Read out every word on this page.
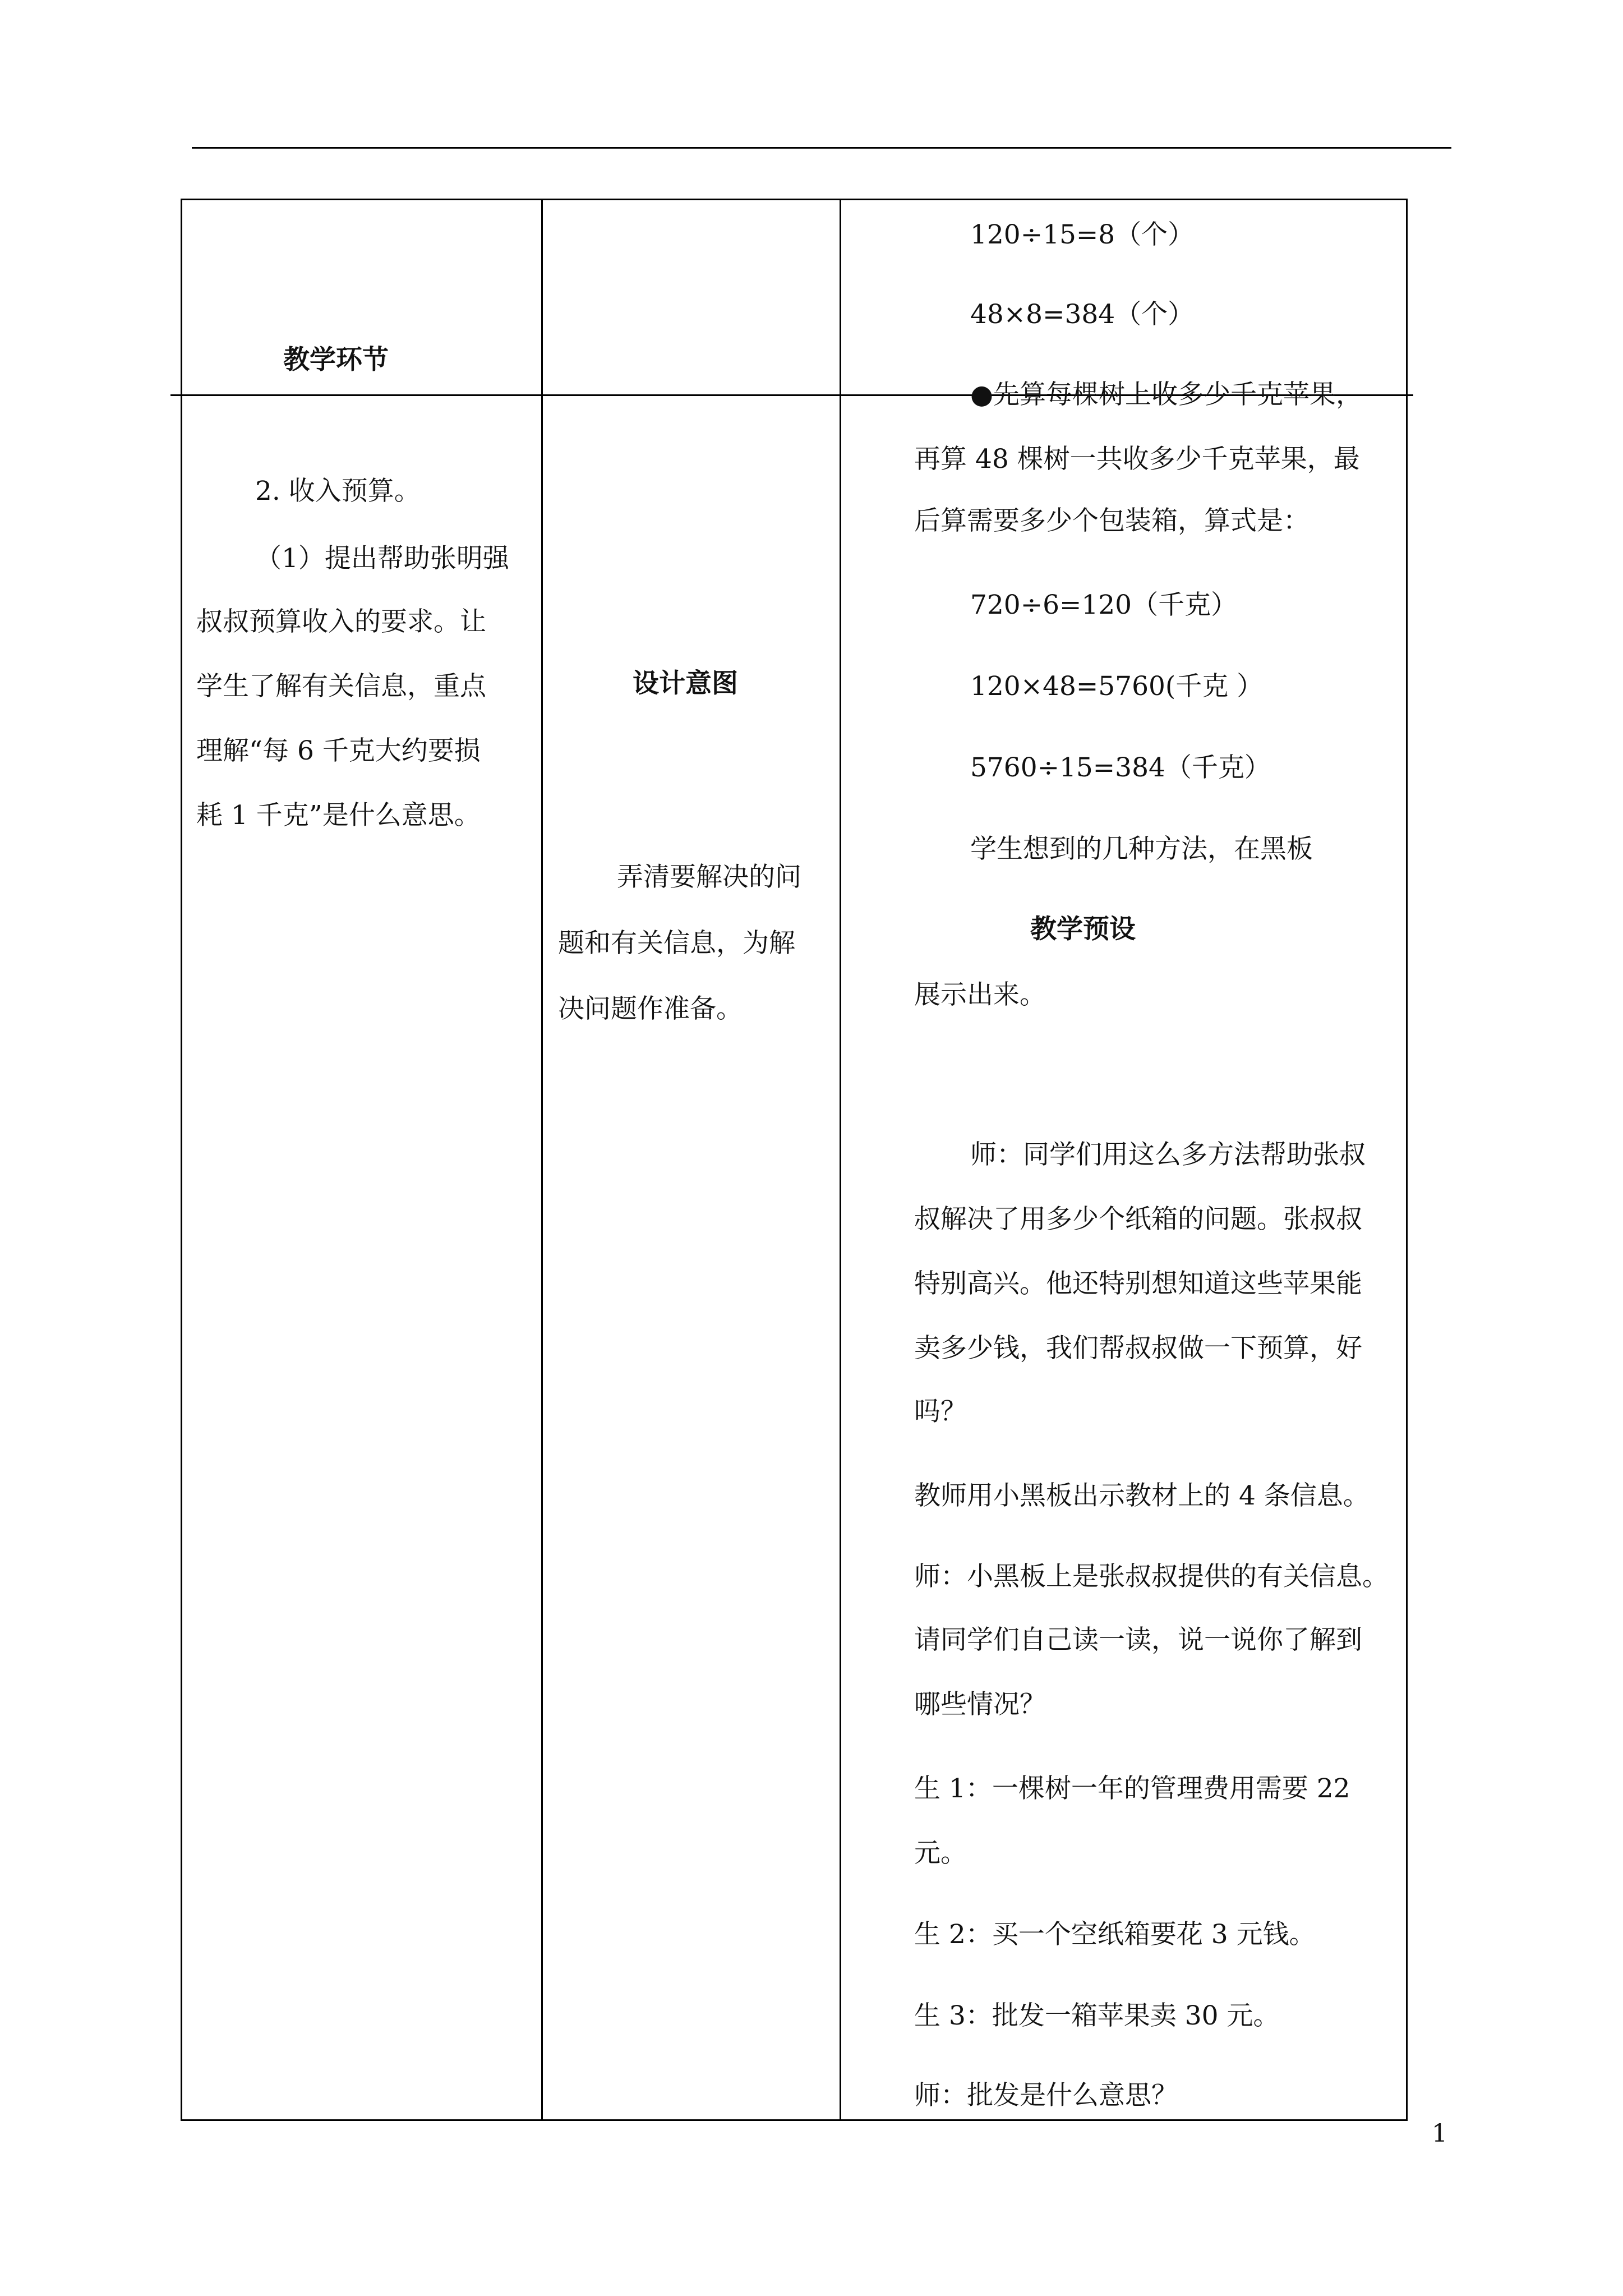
教学环节
设计意图
教学预设
2. 收入预算。
（1）提出帮助张明强
叔叔预算收入的要求。让
学生了解有关信息，重点
理解“每 6 千克大约要损
耗 1 千克”是什么意思。
弄清要解决的问
题和有关信息，为解
决问题作准备。
120÷15=8（个）
48×8=384（个）
●先算每棵树上收多少千克苹果，
再算 48 棵树一共收多少千克苹果，最
后算需要多少个包装箱，算式是：
720÷6=120（千克）
120×48=5760(千克 ）
5760÷15=384（千克）
学生想到的几种方法，在黑板
展示出来。
师：同学们用这么多方法帮助张叔
叔解决了用多少个纸箱的问题。张叔叔
特别高兴。他还特别想知道这些苹果能
卖多少钱，我们帮叔叔做一下预算，好
吗？
教师用小黑板出示教材上的 4 条信息。
师：小黑板上是张叔叔提供的有关信息。
请同学们自己读一读，说一说你了解到
哪些情况？
生 1：一棵树一年的管理费用需要 22
元。
生 2：买一个空纸箱要花 3 元钱。
生 3：批发一箱苹果卖 30 元。
师：批发是什么意思？
1
